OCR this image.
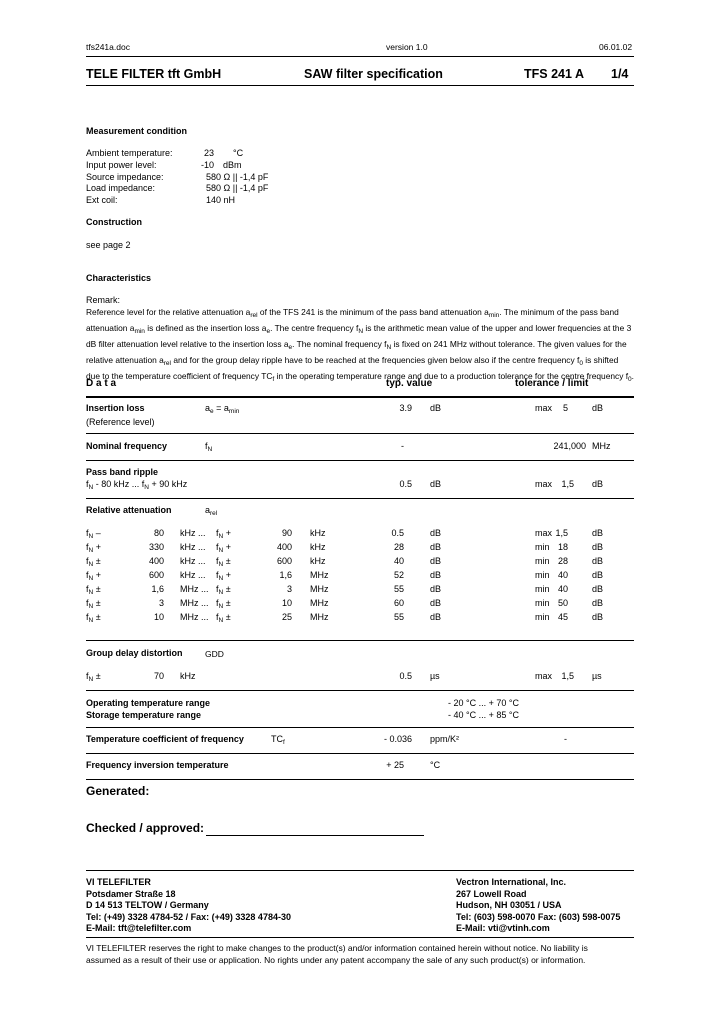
tfs241a.doc	version 1.0	06.01.02
TELE FILTER tft GmbH	SAW filter specification	TFS 241 A 1/4
Measurement condition
Ambient temperature:	23 °C
Input power level:	-10 dBm
Source impedance:	580 Ω || -1,4 pF
Load impedance:	580 Ω || -1,4 pF
Ext coil:	140 nH
Construction
see page 2
Characteristics
Remark:
Reference level for the relative attenuation $a_{rel}$ of the TFS 241 is the minimum of the pass band attenuation $a_{min}$. The minimum of the pass band
attenuation $a_{min}$ is defined as the insertion loss $a_e$. The centre frequency $f_N$ is the arithmetic mean value of the upper and lower frequencies at the 3
dB filter attenuation level relative to the insertion loss $a_e$. The nominal frequency $f_N$ is fixed on 241 MHz without tolerance. The given values for the
relative attenuation $a_{rel}$ and for the group delay ripple have to be reached at the frequencies given below also if the centre frequency $f_0$ is shifted
due to the temperature coefficient of frequency $TC_f$ in the operating temperature range and due to a production tolerance for the centre frequency $f_0$.
D a t a	typ. value	tolerance / limit
Insertion loss
(Reference level)
$a_e = a_{min}$	3.9 dB	max	5	dB
Nominal frequency	$f_N$	-	241,000 MHz
Pass band ripple
$f_N - 80$ kHz ... $f_N + 90$ kHz	0.5 dB	max	1,5 dB
Relative attenuation	$a_{rel}$
$f_N$ –	80 kHz ... $f_N$ +	90 kHz	0.5	dB	max 1,5	dB
$f_N$ +	330 kHz ... $f_N$ +	400 kHz	28	dB	min 18	dB
$f_N$ ±	400 kHz ... $f_N$ ±	600 kHz	40	dB	min 28	dB
$f_N$ +	600 kHz ... $f_N$ +	1,6 MHz	52	dB	min 40	dB
$f_N$ ±	1,6 MHz ... $f_N$ ±	3 MHz	55	dB	min 40	dB
$f_N$ ±	3 MHz ... $f_N$ ±	10 MHz	60	dB	min 50	dB
$f_N$ ±	10 MHz ... $f_N$ ±	25 MHz	55	dB	min 45	dB
Group delay distortion	GDD
$f_N$ ±	70 kHz	0.5 µs	max	1,5 µs
Operating temperature range	- 20 °C ... + 70 °C
Storage temperature range	- 40 °C ... + 85 °C
Temperature coefficient of frequency	$TC_f$	- 0.036 ppm/K²	-
Frequency inversion temperature	+ 25	°C
Generated:
Checked / approved:
VI TELEFILTER
Potsdamer Straße 18
D 14 513 TELTOW / Germany
Tel: (+49) 3328 4784-52 / Fax: (+49) 3328 4784-30
E-Mail: tft@telefilter.com
Vectron International, Inc.
267 Lowell Road
Hudson, NH 03051 / USA
Tel: (603) 598-0070 Fax: (603) 598-0075
E-Mail: vti@vtinh.com
VI TELEFILTER reserves the right to make changes to the product(s) and/or information contained herein without notice. No liability is
assumed as a result of their use or application. No rights under any patent accompany the sale of any such product(s) or information.
